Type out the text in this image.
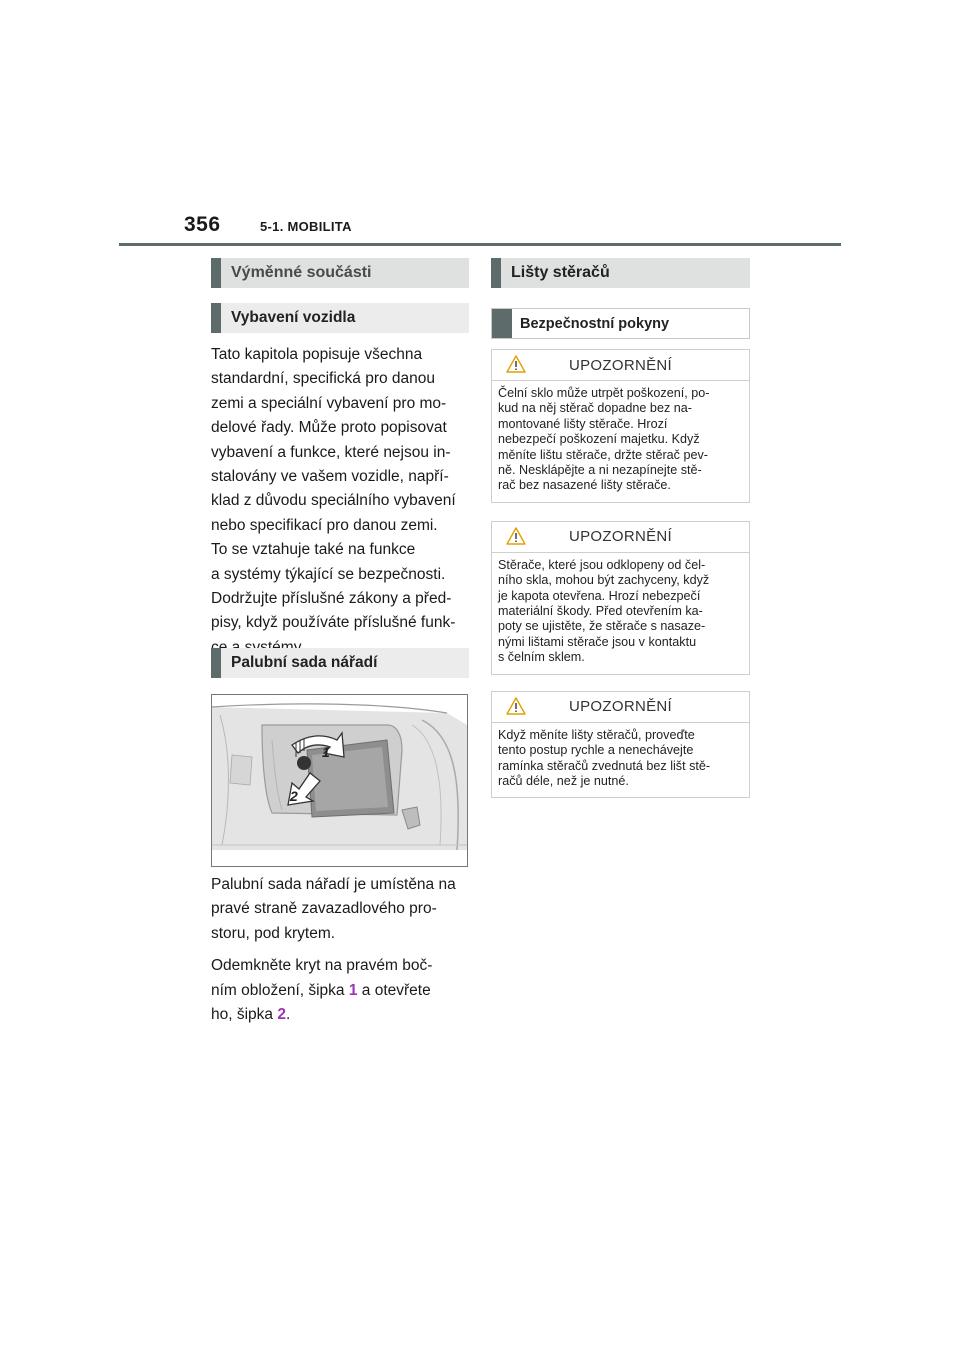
356	5-1. MOBILITA
Výměnné součásti
Vybavení vozidla

Tato kapitola popisuje všechna
standardní, specifická pro danou
zemi a speciální vybavení pro mo-
delové řady. Může proto popisovat
vybavení a funkce, které nejsou in-
stalovány ve vašem vozidle, napří-
klad z důvodu speciálního vybavení
nebo specifikací pro danou zemi.
To se vztahuje také na funkce
a systémy týkající se bezpečnosti.
Dodržujte příslušné zákony a před-
pisy, když používáte příslušné funk-

Palubní sada nářadí
1
2

Palubní sada nářadí je umístěna na
pravé straně zavazadlového pro-
storu, pod krytem.

Odemkněte kryt na pravém boč-
ním obložení, šipka 1 a otevřete
ho, šipka 2.

Lišty stěračů
Bezpečnostní pokyny
UPOZORNĚNÍ
Čelní sklo může utrpět poškození, po-
kud na něj stěrač dopadne bez na-
montované lišty stěrače. Hrozí
nebezpečí poškození majetku. Když
měníte lištu stěrače, držte stěrač pev-
ně. Nesklápějte a ni nezapínejte stě-
rač bez nasazené lišty stěrače.
UPOZORNĚNÍ
Stěrače, které jsou odklopeny od čel-
ního skla, mohou být zachyceny, když
je kapota otevřena. Hrozí nebezpečí
materiální škody. Před otevřením ka-
poty se ujistěte, že stěrače s nasaze-
nými lištami stěrače jsou v kontaktu
s čelním sklem.
UPOZORNĚNÍ
Když měníte lišty stěračů, proveďte
tento postup rychle a nenechávejte
ramínka stěračů zvednutá bez lišt stě-
račů déle, než je nutné.
